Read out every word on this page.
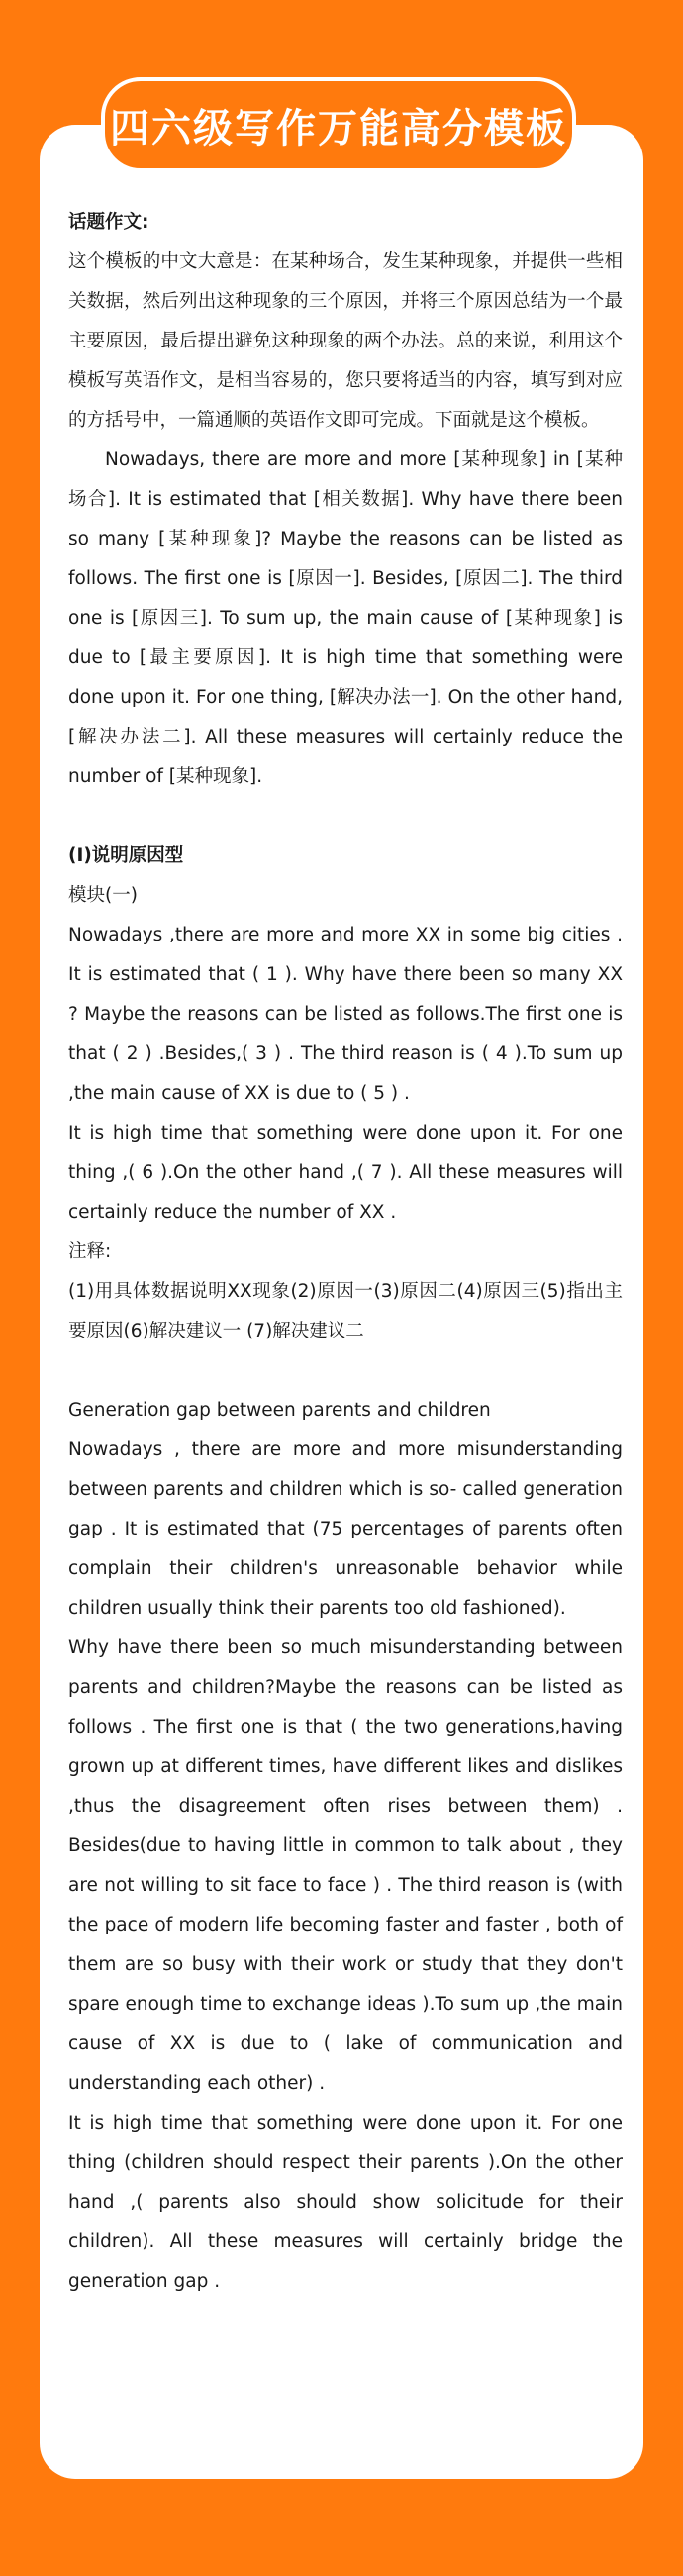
四六级写作万能高分模板

话题作文:

这个模板的中文大意是：在某种场合，发生某种现象，并提供一些相关数据，然后列出这种现象的三个原因，并将三个原因总结为一个最主要原因，最后提出避免这种现象的两个办法。总的来说，利用这个模板写英语作文，是相当容易的，您只要将适当的内容，填写到对应的方括号中，一篇通顺的英语作文即可完成。下面就是这个模板。

Nowadays, there are more and more [某种现象] in [某种场合]. It is estimated that [相关数据]. Why have there been so many [某种现象]? Maybe the reasons can be listed as follows. The first one is [原因一]. Besides, [原因二]. The third one is [原因三]. To sum up, the main cause of [某种现象] is due to [最主要原因]. It is high time that something were done upon it. For one thing, [解决办法一]. On the other hand, [解决办法二]. All these measures will certainly reduce the number of [某种现象].

(I)说明原因型

模块(一)

Nowadays ,there are more and more XX in some big cities . It is estimated that ( 1 ). Why have there been so many XX ? Maybe the reasons can be listed as follows.The first one is that ( 2 ) .Besides,( 3 ) . The third reason is ( 4 ).To sum up ,the main cause of XX is due to ( 5 ) .

It is high time that something were done upon it. For one thing ,( 6 ).On the other hand ,( 7 ). All these measures will certainly reduce the number of XX .

注释:

(1)用具体数据说明XX现象(2)原因一(3)原因二(4)原因三(5)指出主要原因(6)解决建议一 (7)解决建议二

Generation gap between parents and children

Nowadays , there are more and more misunderstanding between parents and children which is so- called generation gap . It is estimated that (75 percentages of parents often complain their children's unreasonable behavior while children usually think their parents too old fashioned).

Why have there been so much misunderstanding between parents and children?Maybe the reasons can be listed as follows . The first one is that ( the two generations,having grown up at different times, have different likes and dislikes ,thus the disagreement often rises between them) . Besides(due to having little in common to talk about , they are not willing to sit face to face ) . The third reason is (with the pace of modern life becoming faster and faster , both of them are so busy with their work or study that they don't spare enough time to exchange ideas ).To sum up ,the main cause of XX is due to ( lake of communication and understanding each other) .

It is high time that something were done upon it. For one thing (children should respect their parents ).On the other hand ,( parents also should show solicitude for their children). All these measures will certainly bridge the generation gap .
